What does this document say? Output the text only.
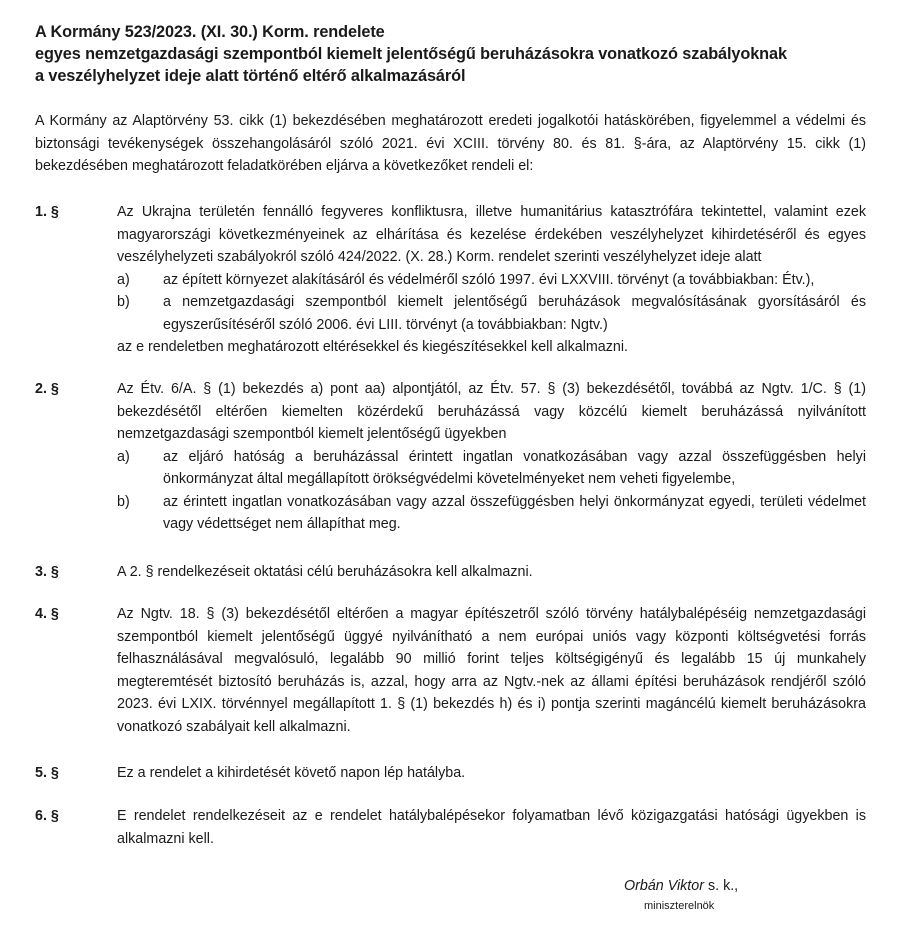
A Kormány 523/2023. (XI. 30.) Korm. rendelete
egyes nemzetgazdasági szempontból kiemelt jelentőségű beruházásokra vonatkozó szabályoknak
a veszélyhelyzet ideje alatt történő eltérő alkalmazásáról
A Kormány az Alaptörvény 53. cikk (1) bekezdésében meghatározott eredeti jogalkotói hatáskörében, figyelemmel a védelmi és biztonsági tevékenységek összehangolásáról szóló 2021. évi XCIII. törvény 80. és 81. §-ára, az Alaptörvény 15. cikk (1) bekezdésében meghatározott feladatkörében eljárva a következőket rendeli el:
1. §	Az Ukrajna területén fennálló fegyveres konfliktusra, illetve humanitárius katasztrófára tekintettel, valamint ezek magyarországi következményeinek az elhárítása és kezelése érdekében veszélyhelyzet kihirdetéséről és egyes veszélyhelyzeti szabályokról szóló 424/2022. (X. 28.) Korm. rendelet szerinti veszélyhelyzet ideje alatt
a) az épített környezet alakításáról és védelméről szóló 1997. évi LXXVIII. törvényt (a továbbiakban: Étv.),
b) a nemzetgazdasági szempontból kiemelt jelentőségű beruházások megvalósításának gyorsításáról és egyszerűsítéséről szóló 2006. évi LIII. törvényt (a továbbiakban: Ngtv.)
az e rendeletben meghatározott eltérésekkel és kiegészítésekkel kell alkalmazni.
2. §	Az Étv. 6/A. § (1) bekezdés a) pont aa) alpontjától, az Étv. 57. § (3) bekezdésétől, továbbá az Ngtv. 1/C. § (1) bekezdésétől eltérően kiemelten közérdekű beruházássá vagy közcélú kiemelt beruházássá nyilvánított nemzetgazdasági szempontból kiemelt jelentőségű ügyekben
a) az eljáró hatóság a beruházással érintett ingatlan vonatkozásában vagy azzal összefüggésben helyi önkormányzat által megállapított örökségvédelmi követelményeket nem veheti figyelembe,
b) az érintett ingatlan vonatkozásában vagy azzal összefüggésben helyi önkormányzat egyedi, területi védelmet vagy védettséget nem állapíthat meg.
3. §	A 2. § rendelkezéseit oktatási célú beruházásokra kell alkalmazni.
4. §	Az Ngtv. 18. § (3) bekezdésétől eltérően a magyar építészetről szóló törvény hatálybalépéséig nemzetgazdasági szempontból kiemelt jelentőségű üggyé nyilvánítható a nem európai uniós vagy központi költségvetési forrás felhasználásával megvalósuló, legalább 90 millió forint teljes költségigényű és legalább 15 új munkahely megteremtését biztosító beruházás is, azzal, hogy arra az Ngtv.-nek az állami építési beruházások rendjéről szóló 2023. évi LXIX. törvénnyel megállapított 1. § (1) bekezdés h) és i) pontja szerinti magáncélú kiemelt beruházásokra vonatkozó szabályait kell alkalmazni.
5. §	Ez a rendelet a kihirdetését követő napon lép hatályba.
6. §	E rendelet rendelkezéseit az e rendelet hatálybalépésekor folyamatban lévő közigazgatási hatósági ügyekben is alkalmazni kell.
Orbán Viktor s. k.,
miniszterelnök
